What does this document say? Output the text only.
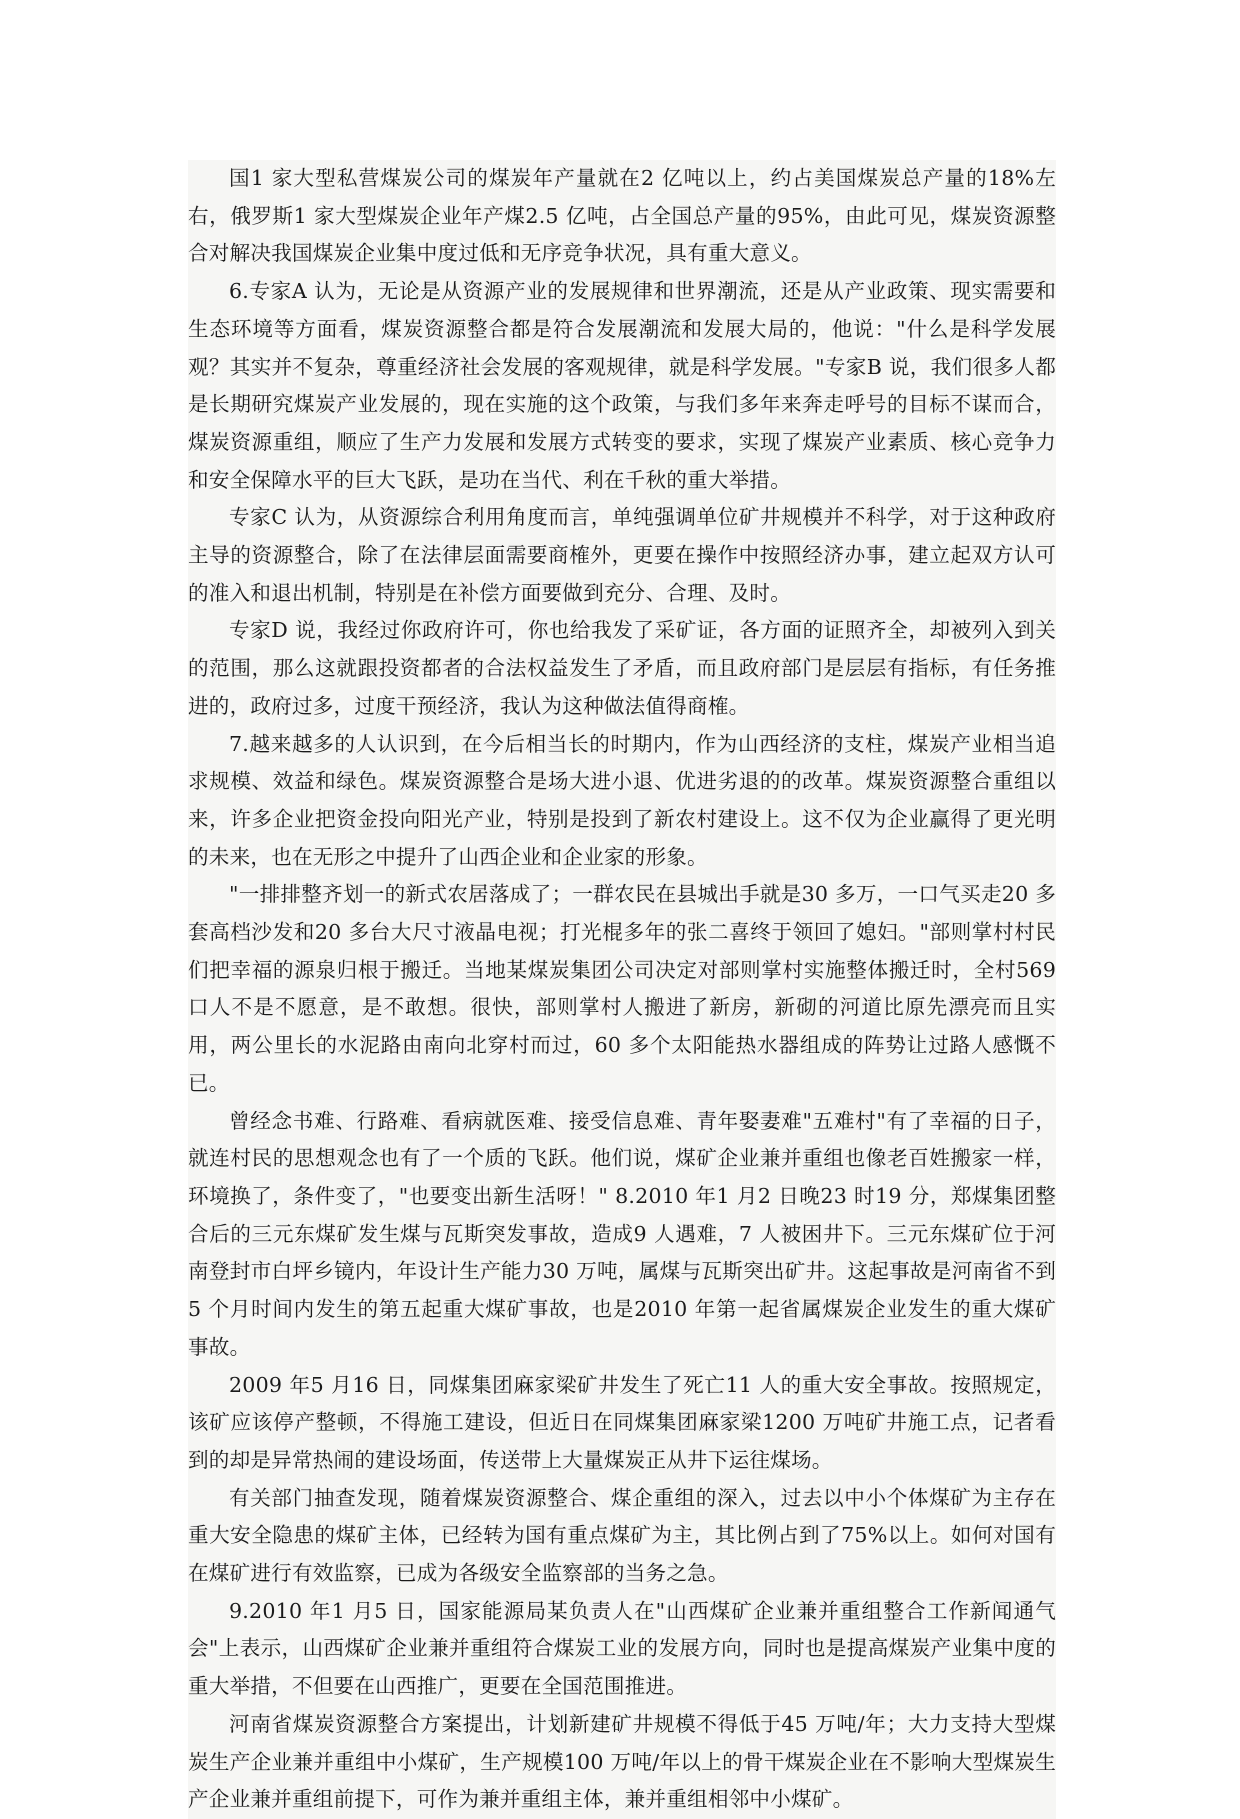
国1 家大型私营煤炭公司的煤炭年产量就在2 亿吨以上，约占美国煤炭总产量的18%左右，俄罗斯1 家大型煤炭企业年产煤2.5 亿吨，占全国总产量的95%，由此可见，煤炭资源整合对解决我国煤炭企业集中度过低和无序竞争状况，具有重大意义。

6.专家A 认为，无论是从资源产业的发展规律和世界潮流，还是从产业政策、现实需要和生态环境等方面看，煤炭资源整合都是符合发展潮流和发展大局的，他说："什么是科学发展观？其实并不复杂，尊重经济社会发展的客观规律，就是科学发展。"专家B 说，我们很多人都是长期研究煤炭产业发展的，现在实施的这个政策，与我们多年来奔走呼号的目标不谋而合，煤炭资源重组，顺应了生产力发展和发展方式转变的要求，实现了煤炭产业素质、核心竞争力和安全保障水平的巨大飞跃，是功在当代、利在千秋的重大举措。

专家C 认为，从资源综合利用角度而言，单纯强调单位矿井规模并不科学，对于这种政府主导的资源整合，除了在法律层面需要商榷外，更要在操作中按照经济办事，建立起双方认可的准入和退出机制，特别是在补偿方面要做到充分、合理、及时。

专家D 说，我经过你政府许可，你也给我发了采矿证，各方面的证照齐全，却被列入到关的范围，那么这就跟投资都者的合法权益发生了矛盾，而且政府部门是层层有指标，有任务推进的，政府过多，过度干预经济，我认为这种做法值得商榷。

7.越来越多的人认识到，在今后相当长的时期内，作为山西经济的支柱，煤炭产业相当追求规模、效益和绿色。煤炭资源整合是场大进小退、优进劣退的的改革。煤炭资源整合重组以来，许多企业把资金投向阳光产业，特别是投到了新农村建设上。这不仅为企业赢得了更光明的未来，也在无形之中提升了山西企业和企业家的形象。

"一排排整齐划一的新式农居落成了；一群农民在县城出手就是30 多万，一口气买走20 多套高档沙发和20 多台大尺寸液晶电视；打光棍多年的张二喜终于领回了媳妇。"部则掌村村民们把幸福的源泉归根于搬迁。当地某煤炭集团公司决定对部则掌村实施整体搬迁时，全村569 口人不是不愿意，是不敢想。很快，部则掌村人搬进了新房，新砌的河道比原先漂亮而且实用，两公里长的水泥路由南向北穿村而过，60 多个太阳能热水器组成的阵势让过路人感慨不已。

曾经念书难、行路难、看病就医难、接受信息难、青年娶妻难"五难村"有了幸福的日子，就连村民的思想观念也有了一个质的飞跃。他们说，煤矿企业兼并重组也像老百姓搬家一样，环境换了，条件变了，"也要变出新生活呀！" 8.2010 年1 月2 日晚23 时19 分，郑煤集团整合后的三元东煤矿发生煤与瓦斯突发事故，造成9 人遇难，7 人被困井下。三元东煤矿位于河南登封市白坪乡镜内，年设计生产能力30 万吨，属煤与瓦斯突出矿井。这起事故是河南省不到5 个月时间内发生的第五起重大煤矿事故，也是2010 年第一起省属煤炭企业发生的重大煤矿事故。

2009 年5 月16 日，同煤集团麻家梁矿井发生了死亡11 人的重大安全事故。按照规定，该矿应该停产整顿，不得施工建设，但近日在同煤集团麻家梁1200 万吨矿井施工点，记者看到的却是异常热闹的建设场面，传送带上大量煤炭正从井下运往煤场。

有关部门抽查发现，随着煤炭资源整合、煤企重组的深入，过去以中小个体煤矿为主存在重大安全隐患的煤矿主体，已经转为国有重点煤矿为主，其比例占到了75%以上。如何对国有在煤矿进行有效监察，已成为各级安全监察部的当务之急。

9.2010 年1 月5 日，国家能源局某负责人在"山西煤矿企业兼并重组整合工作新闻通气会"上表示，山西煤矿企业兼并重组符合煤炭工业的发展方向，同时也是提高煤炭产业集中度的重大举措，不但要在山西推广，更要在全国范围推进。

河南省煤炭资源整合方案提出，计划新建矿井规模不得低于45 万吨/年；大力支持大型煤炭生产企业兼并重组中小煤矿，生产规模100 万吨/年以上的骨干煤炭企业在不影响大型煤炭生产企业兼并重组前提下，可作为兼并重组主体，兼并重组相邻中小煤矿。
